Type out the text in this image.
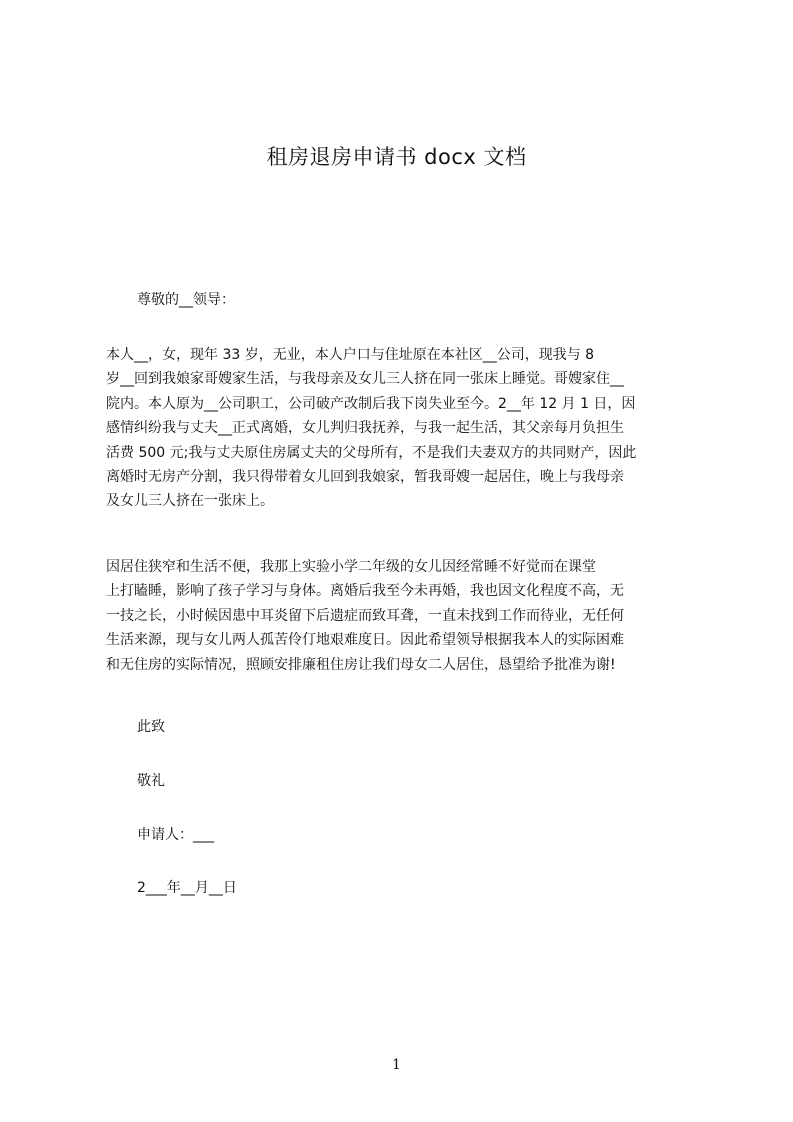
租房退房申请书 docx 文档
尊敬的__领导：
本人__，女，现年 33 岁，无业，本人户口与住址原在本社区__公司，现我与 8
岁__回到我娘家哥嫂家生活，与我母亲及女儿三人挤在同一张床上睡觉。哥嫂家住__
院内。本人原为__公司职工，公司破产改制后我下岗失业至今。2__年 12 月 1 日，因
感情纠纷我与丈夫__正式离婚，女儿判归我抚养，与我一起生活，其父亲每月负担生
活费 500 元;我与丈夫原住房属丈夫的父母所有，不是我们夫妻双方的共同财产，因此
离婚时无房产分割，我只得带着女儿回到我娘家，暂我哥嫂一起居住，晚上与我母亲
及女儿三人挤在一张床上。
因居住狭窄和生活不便，我那上实验小学二年级的女儿因经常睡不好觉而在课堂
上打瞌睡，影响了孩子学习与身体。离婚后我至今未再婚，我也因文化程度不高，无
一技之长，小时候因患中耳炎留下后遗症而致耳聋，一直未找到工作而待业，无任何
生活来源，现与女儿两人孤苦伶仃地艰难度日。因此希望领导根据我本人的实际困难
和无住房的实际情况，照顾安排廉租住房让我们母女二人居住，恳望给予批准为谢!
此致
敬礼
申请人：___
2___年__月__日
1
